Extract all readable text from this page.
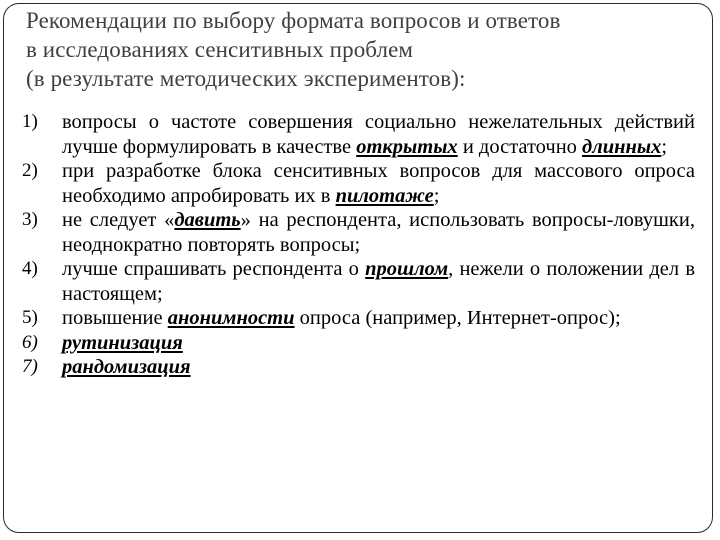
Рекомендации по выбору формата вопросов и ответов
в исследованиях сенситивных проблем
(в результате методических экспериментов):
1)	вопросы о частоте совершения социально нежелательных действий лучше формулировать в качестве открытых и достаточно длинных;
2)	при разработке блока сенситивных вопросов для массового опроса необходимо апробировать их в пилотаже;
3)	не следует «давить» на респондента, использовать вопросы-ловушки, неоднократно повторять вопросы;
4)	лучше спрашивать респондента о прошлом, нежели о положении дел в настоящем;
5)	повышение анонимности опроса (например, Интернет-опрос);
6)	рутинизация
7)	рандомизация
